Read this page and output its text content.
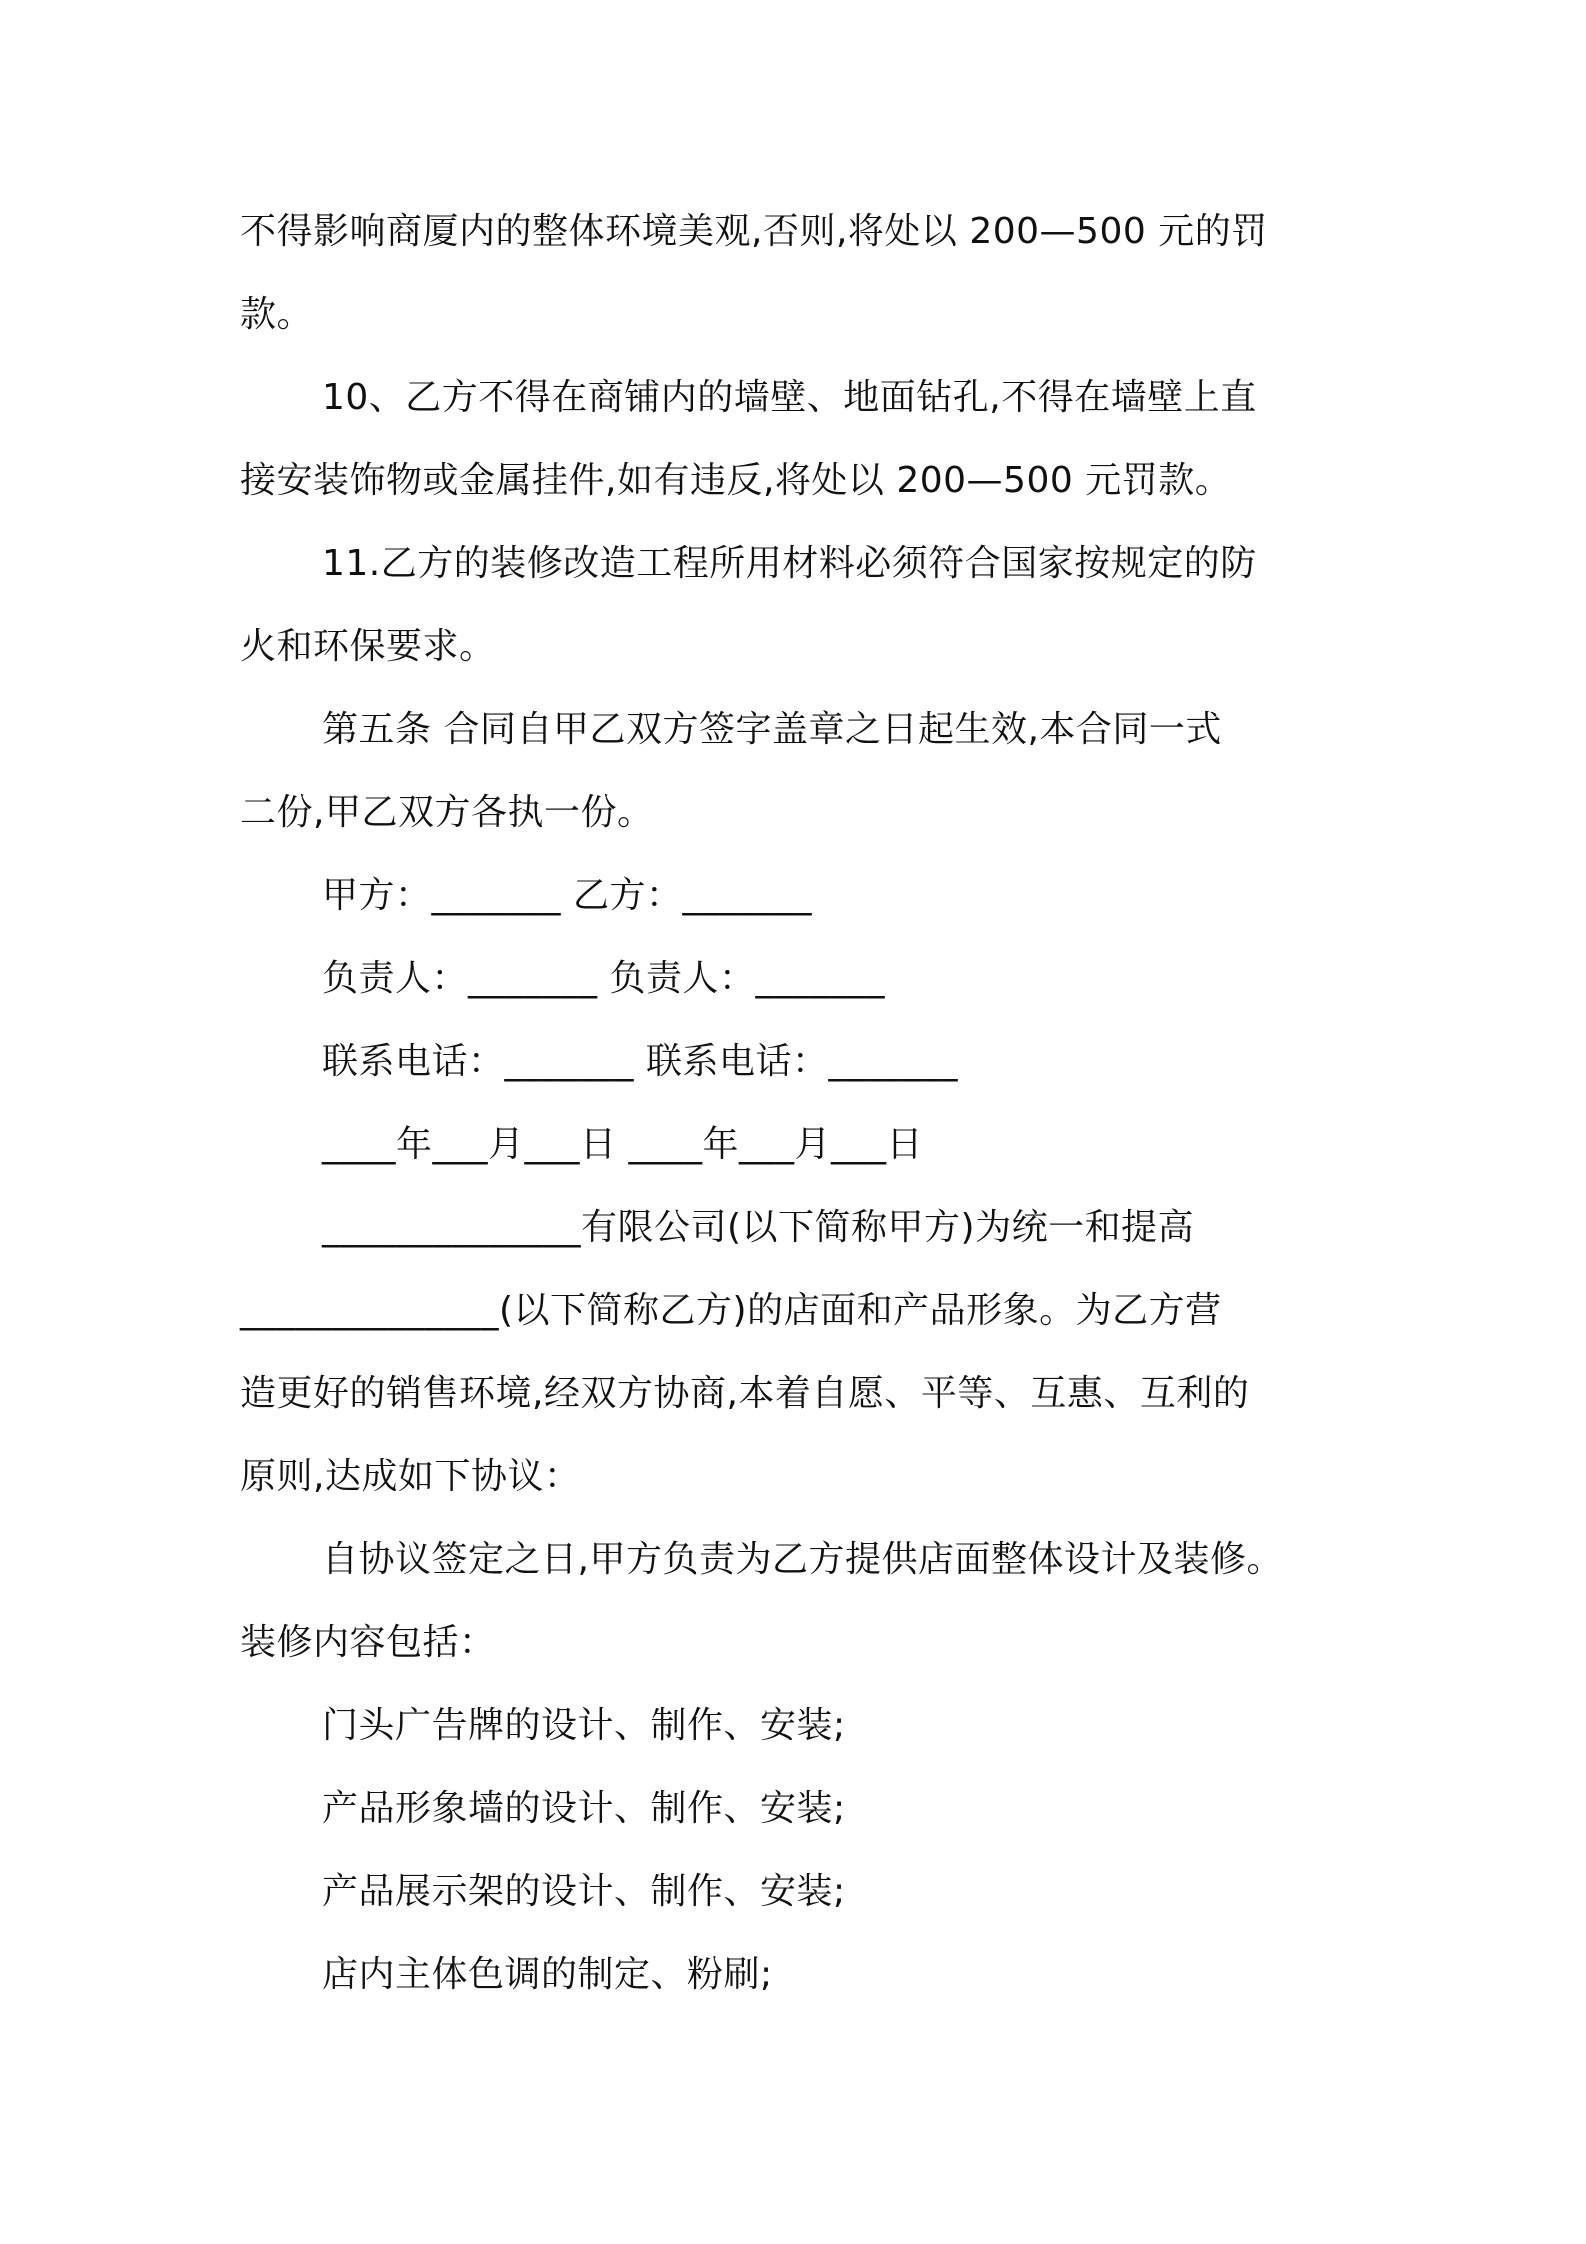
不得影响商厦内的整体环境美观,否则,将处以 200—500 元的罚

款。

10、乙方不得在商铺内的墙壁、地面钻孔,不得在墙壁上直

接安装饰物或金属挂件,如有违反,将处以 200—500 元罚款。

11.乙方的装修改造工程所用材料必须符合国家按规定的防

火和环保要求。

第五条 合同自甲乙双方签字盖章之日起生效,本合同一式

二份,甲乙双方各执一份。

甲方：_______ 乙方：_______

负责人：_______ 负责人：_______

联系电话：_______ 联系电话：_______

____年___月___日 ____年___月___日

______________有限公司(以下简称甲方)为统一和提高

______________(以下简称乙方)的店面和产品形象。为乙方营

造更好的销售环境,经双方协商,本着自愿、平等、互惠、互利的

原则,达成如下协议：

自协议签定之日,甲方负责为乙方提供店面整体设计及装修。

装修内容包括：

门头广告牌的设计、制作、安装;

产品形象墙的设计、制作、安装;

产品展示架的设计、制作、安装;

店内主体色调的制定、粉刷;
